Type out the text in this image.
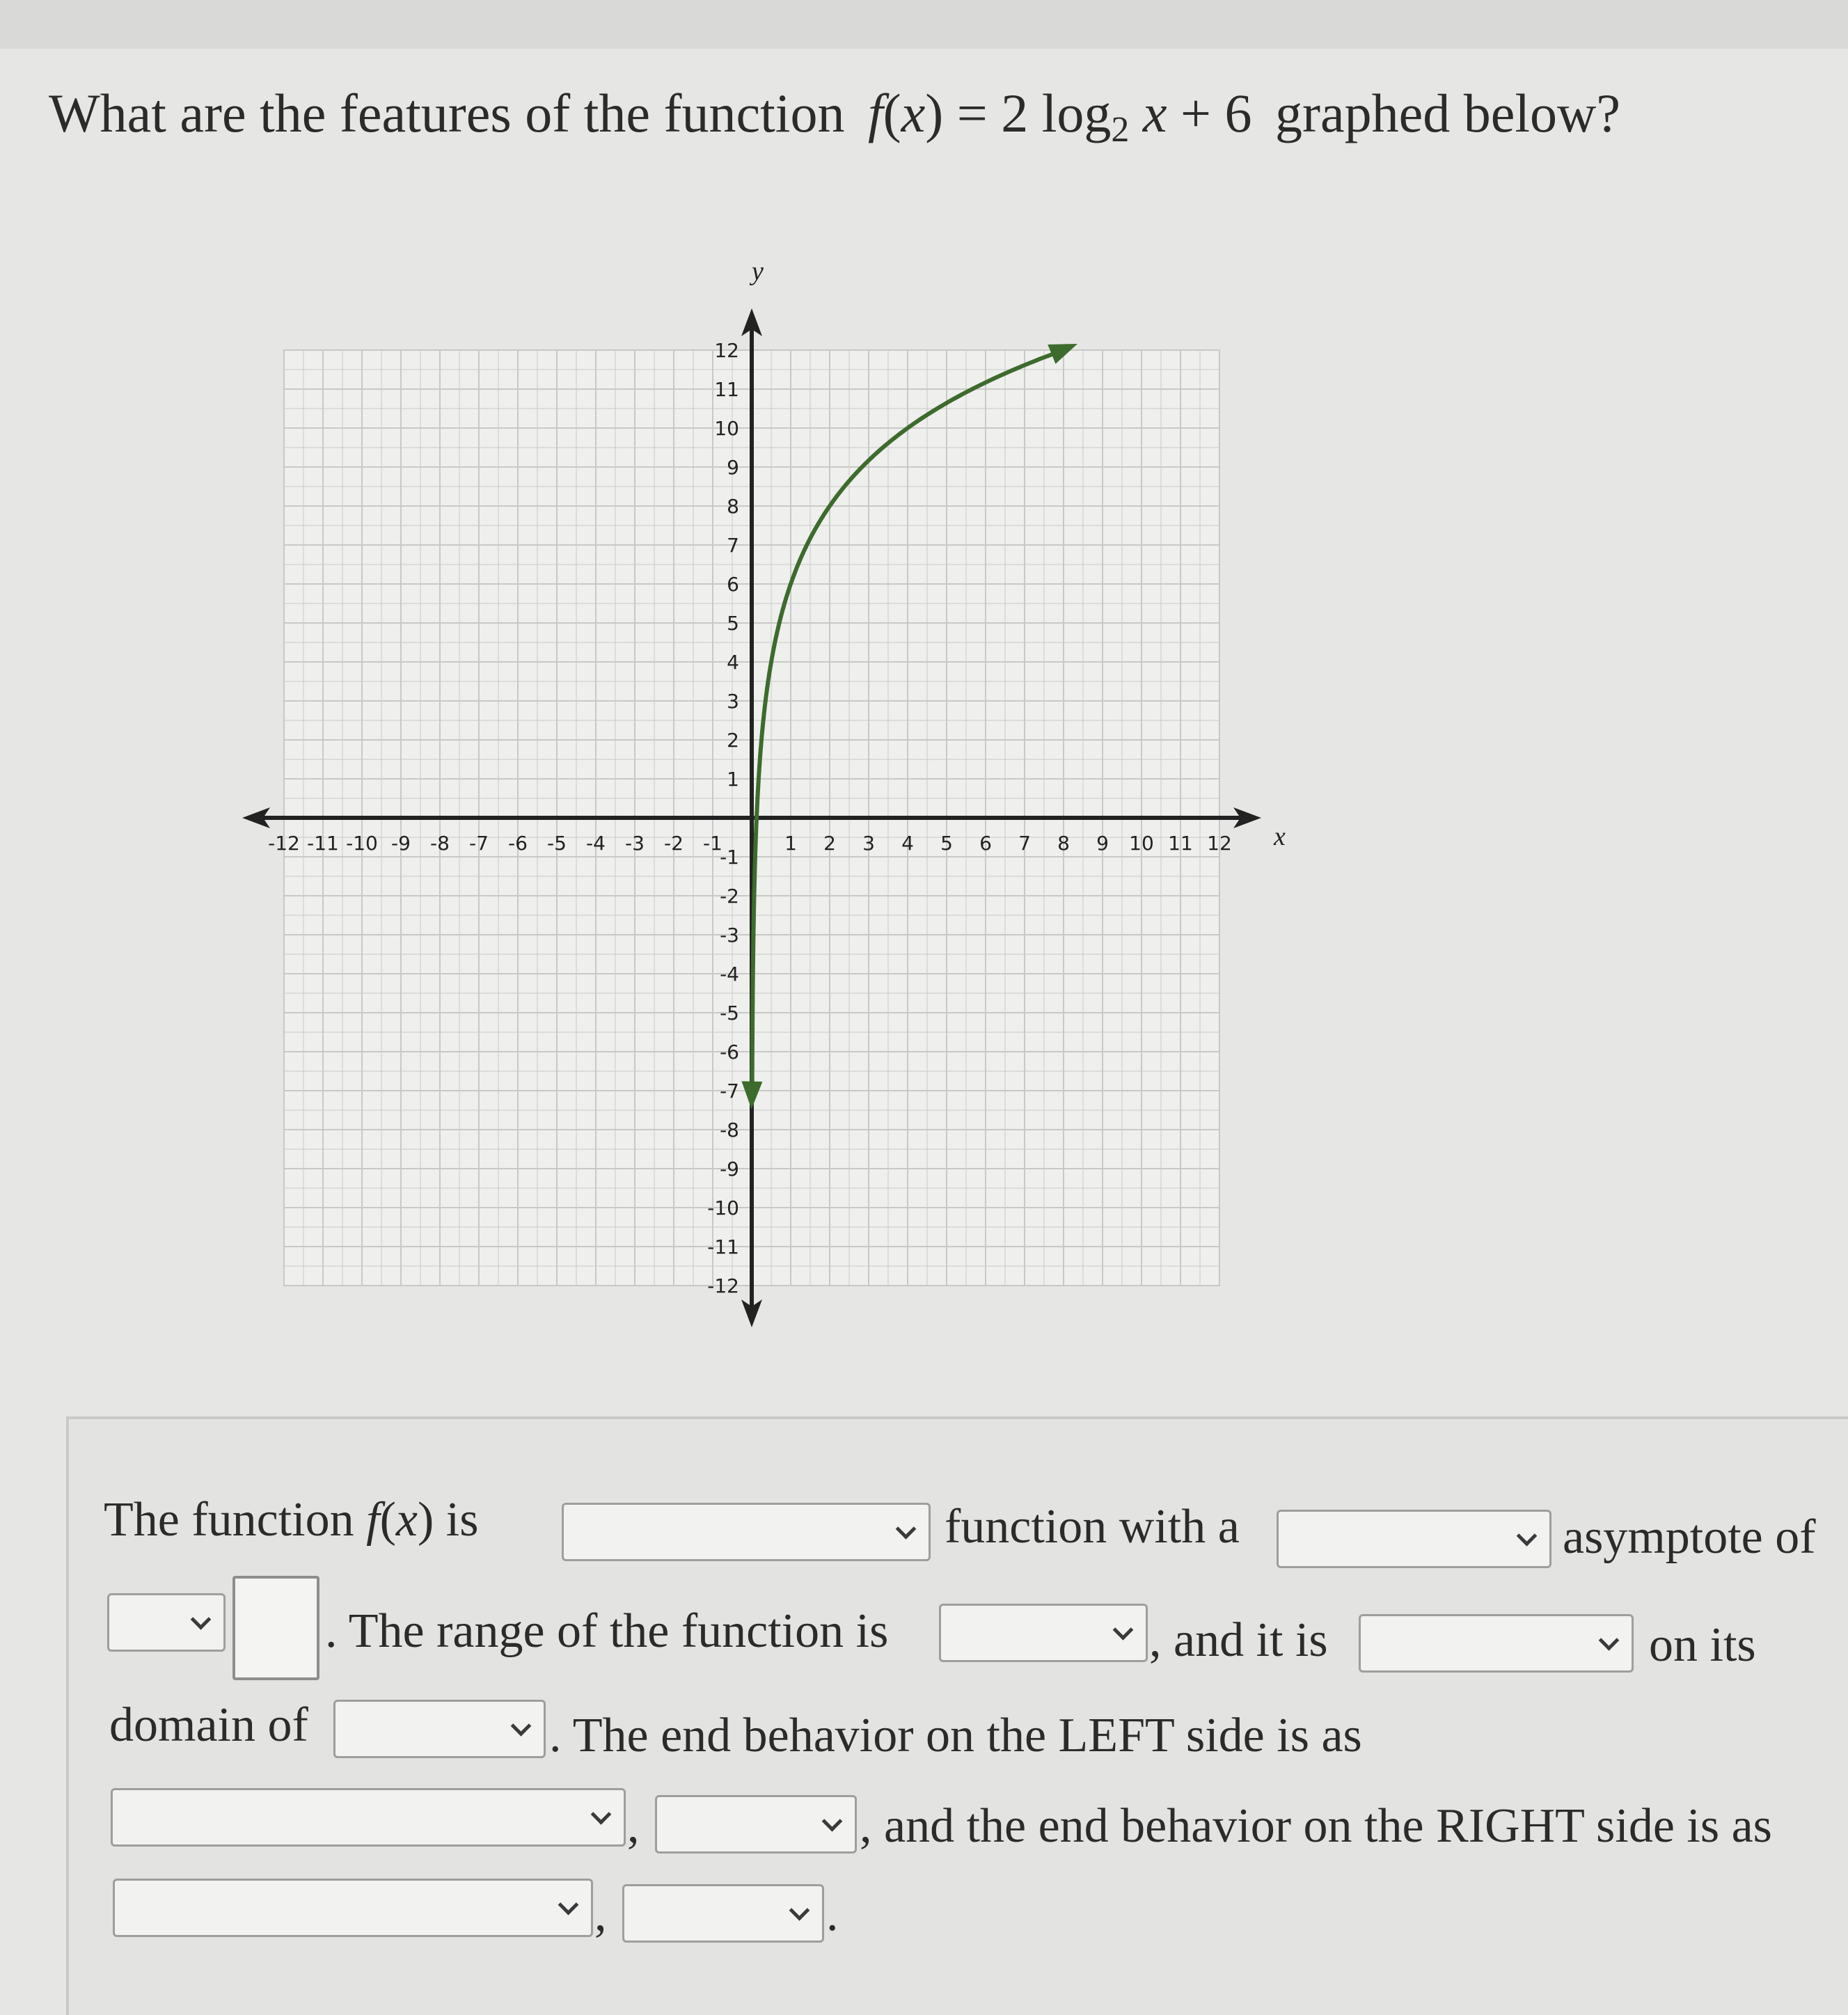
What are the features of the function f(x) = 2 $\log_2 x + 6$ graphed below?
-12 -11 -10 -9 -8 -7 -6 -5 -4 -3 -2 -1	1 2 3 4 5 6 7 8 9 10 11 12
12
11
10
9
8
7
6
5
4
3
2
1
-1
-2
-3
-4
-5
-6
-7
-8
-9
-10
-11
-12
x
y
The function f(x) is	function with a	asymptote of
. The range of the function is	, and it is	on its
domain of	. The end behavior on the LEFT side is as
,	, and the end behavior on the RIGHT side is as
,	.
